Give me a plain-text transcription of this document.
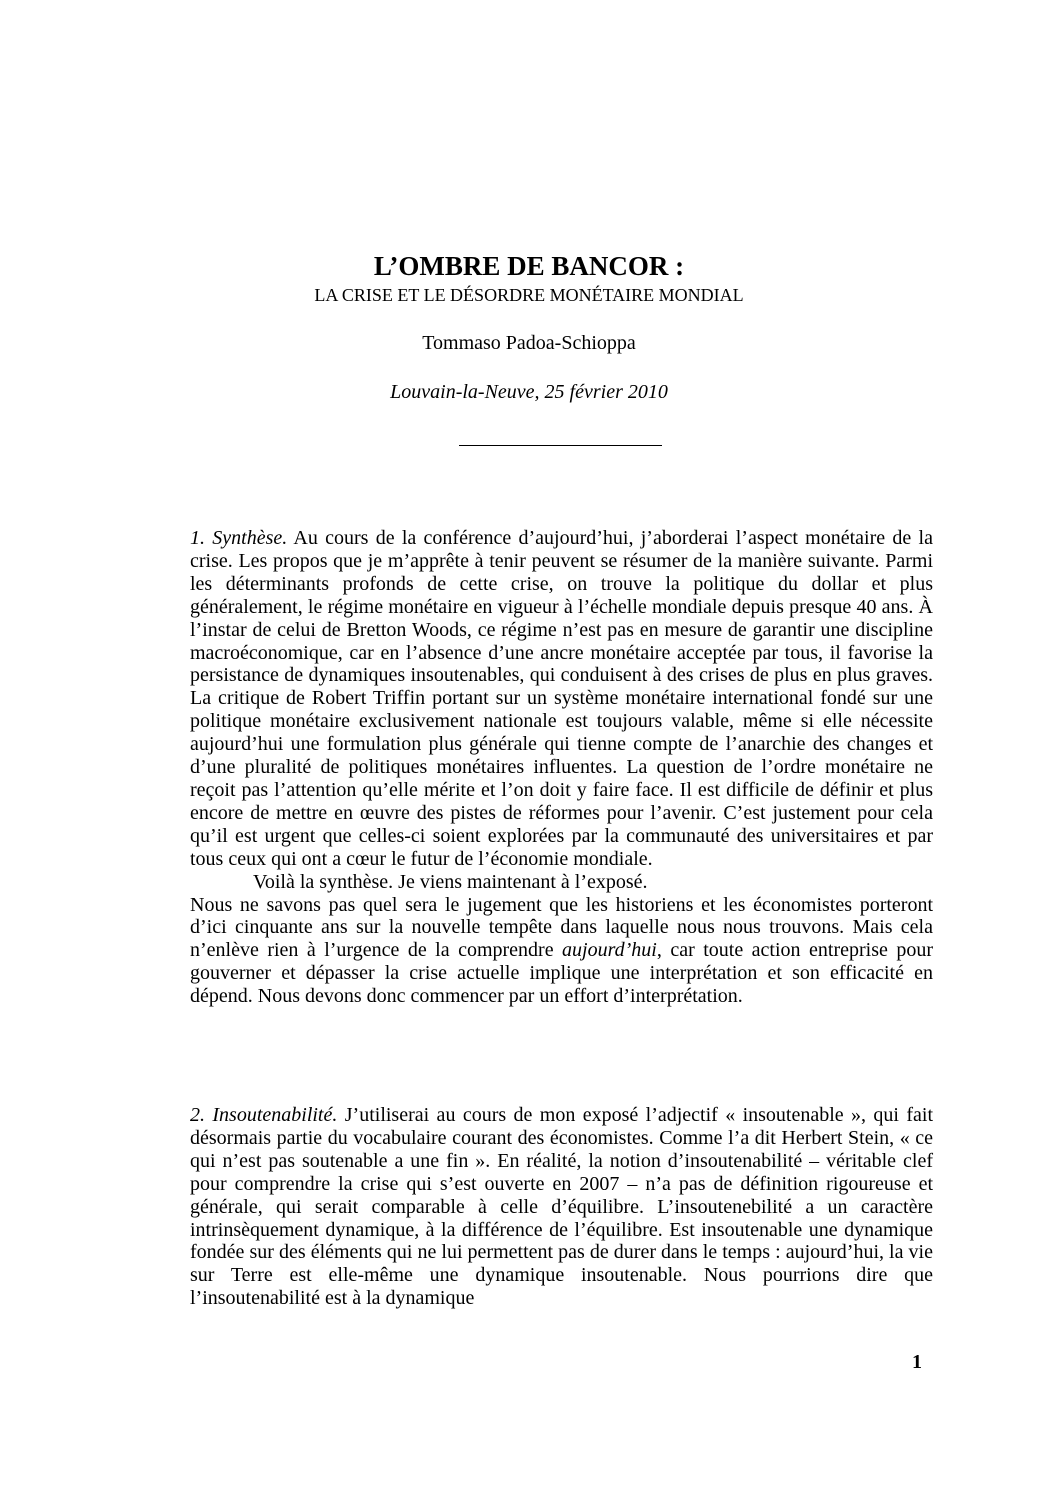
L’OMBRE DE BANCOR :
LA CRISE ET LE DÉSORDRE MONÉTAIRE MONDIAL
Tommaso Padoa-Schioppa
Louvain-la-Neuve, 25 février 2010

1. Synthèse. Au cours de la conférence d’aujourd’hui, j’aborderai l’aspect monétaire de la crise. Les propos que je m’apprête à tenir peuvent se résumer de la manière suivante. Parmi les déterminants profonds de cette crise, on trouve la politique du dollar et plus généralement, le régime monétaire en vigueur à l’échelle mondiale depuis presque 40 ans. À l’instar de celui de Bretton Woods, ce régime n’est pas en mesure de garantir une discipline macroéconomique, car en l’absence d’une ancre monétaire acceptée par tous, il favorise la persistance de dynamiques insoutenables, qui conduisent à des crises de plus en plus graves. La critique de Robert Triffin portant sur un système monétaire international fondé sur une politique monétaire exclusivement nationale est toujours valable, même si elle nécessite aujourd’hui une formulation plus générale qui tienne compte de l’anarchie des changes et d’une pluralité de politiques monétaires influentes. La question de l’ordre monétaire ne reçoit pas l’attention qu’elle mérite et l’on doit y faire face. Il est difficile de définir et plus encore de mettre en œuvre des pistes de réformes pour l’avenir. C’est justement pour cela qu’il est urgent que celles-ci soient explorées par la communauté des universitaires et par tous ceux qui ont a cœur le futur de l’économie mondiale.

Voilà la synthèse. Je viens maintenant à l’exposé.

Nous ne savons pas quel sera le jugement que les historiens et les économistes porteront d’ici cinquante ans sur la nouvelle tempête dans laquelle nous nous trouvons. Mais cela n’enlève rien à l’urgence de la comprendre aujourd’hui, car toute action entreprise pour gouverner et dépasser la crise actuelle implique une interprétation et son efficacité en dépend. Nous devons donc commencer par un effort d’interprétation.

2. Insoutenabilité. J’utiliserai au cours de mon exposé l’adjectif « insoutenable », qui fait désormais partie du vocabulaire courant des économistes. Comme l’a dit Herbert Stein, « ce qui n’est pas soutenable a une fin ». En réalité, la notion d’insoutenabilité – véritable clef pour comprendre la crise qui s’est ouverte en 2007 – n’a pas de définition rigoureuse et générale, qui serait comparable à celle d’équilibre. L’insoutenebilité a un caractère intrinsèquement dynamique, à la différence de l’équilibre. Est insoutenable une dynamique fondée sur des éléments qui ne lui permettent pas de durer dans le temps : aujourd’hui, la vie sur Terre est elle-même une dynamique insoutenable. Nous pourrions dire que l’insoutenabilité est à la dynamique

1
